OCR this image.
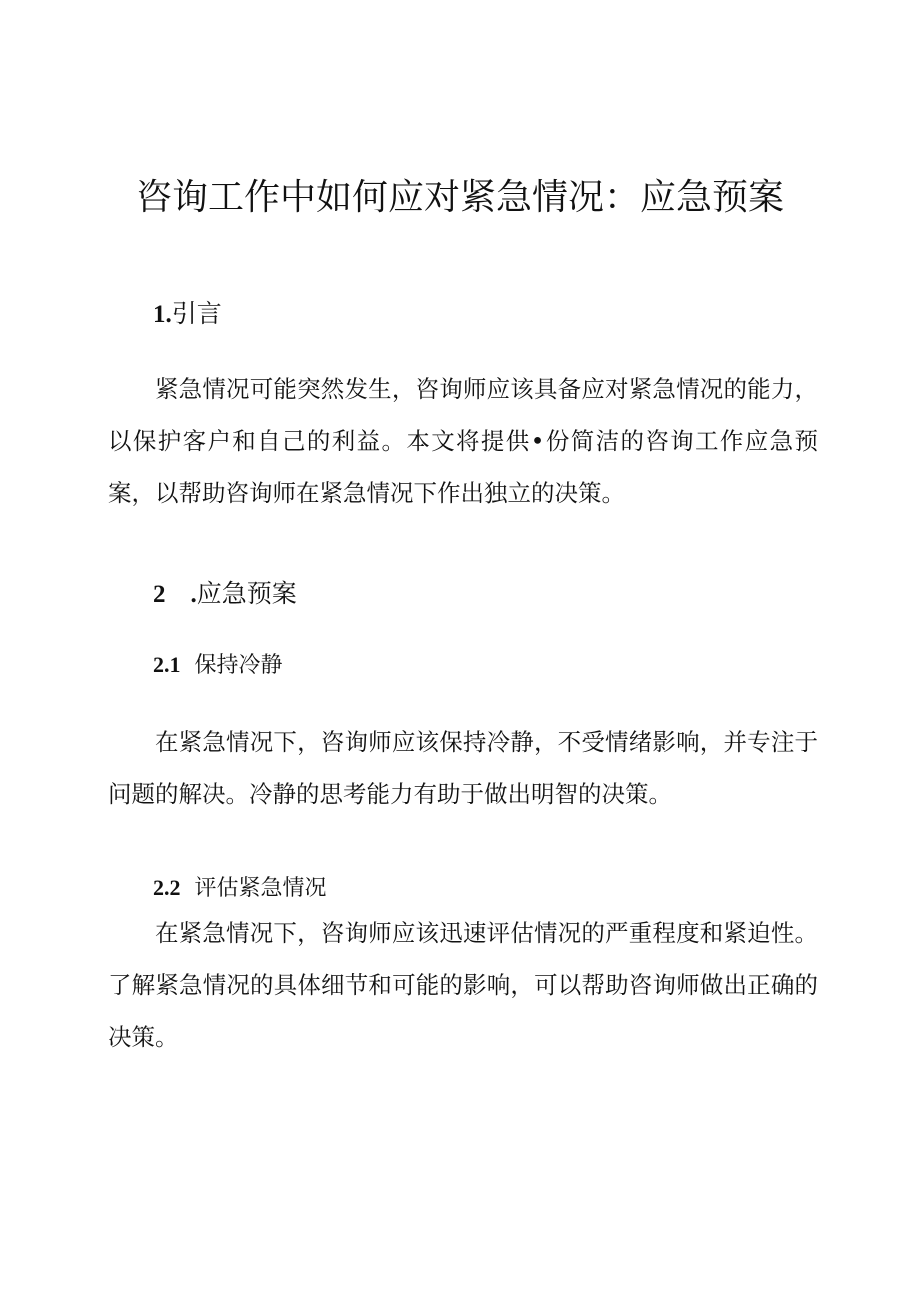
咨询工作中如何应对紧急情况：应急预案
1.引言

紧急情况可能突然发生，咨询师应该具备应对紧急情况的能力，以保护客户和自己的利益。本文将提供•份简洁的咨询工作应急预案，以帮助咨询师在紧急情况下作出独立的决策。

2　.应急预案
2.1 保持冷静

在紧急情况下，咨询师应该保持冷静，不受情绪影响，并专注于问题的解决。冷静的思考能力有助于做出明智的决策。

2.2 评估紧急情况

在紧急情况下，咨询师应该迅速评估情况的严重程度和紧迫性。了解紧急情况的具体细节和可能的影响，可以帮助咨询师做出正确的决策。
